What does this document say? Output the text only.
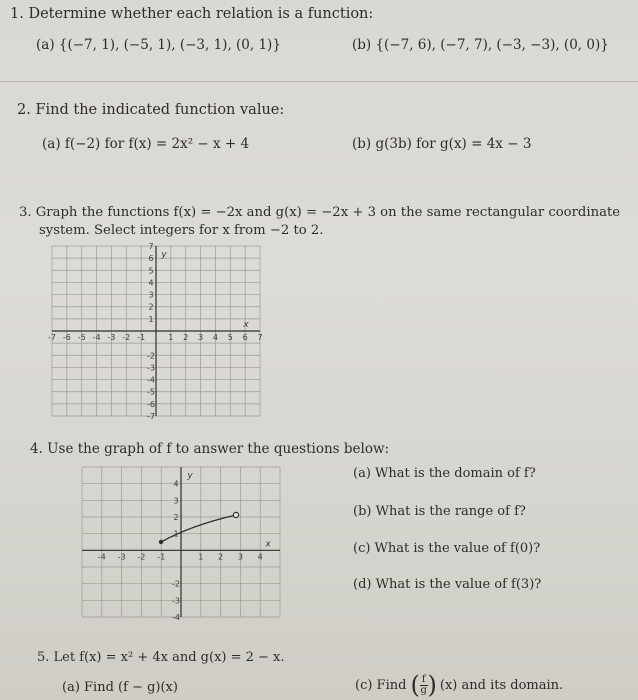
1. Determine whether each relation is a function:
(a) {(−7, 1), (−5, 1), (−3, 1), (0, 1)}	(b) {(−7, 6), (−7, 7), (−3, −3), (0, 0)}
2. Find the indicated function value:
(a) f(−2) for f(x) = 2x² − x + 4	(b) g(3b) for g(x) = 4x − 3
3. Graph the functions f(x) = −2x and g(x) = −2x + 3 on the same rectangular coordinate
system. Select integers for x from −2 to 2.
-7 -6 -5 -4 -3 -2 -1	1 2 3 4 5 6 7
7
6
5
4
3
2
1
-2
-3
-4
-5
-6
-7
x
y
4. Use the graph of f to answer the questions below:
-4 -3 -2 -1	1 2 3 4
4
3
2
1
-2
-3
-4
x
y	(a) What is the domain of f?
(b) What is the range of f?
(c) What is the value of f(0)?
(d) What is the value of f(3)?
5. Let f(x) = x² + 4x and g(x) = 2 − x.
(a) Find (f − g)(x)	(c) Find ( $\frac{f}{g}$ ) (x) and its domain.
